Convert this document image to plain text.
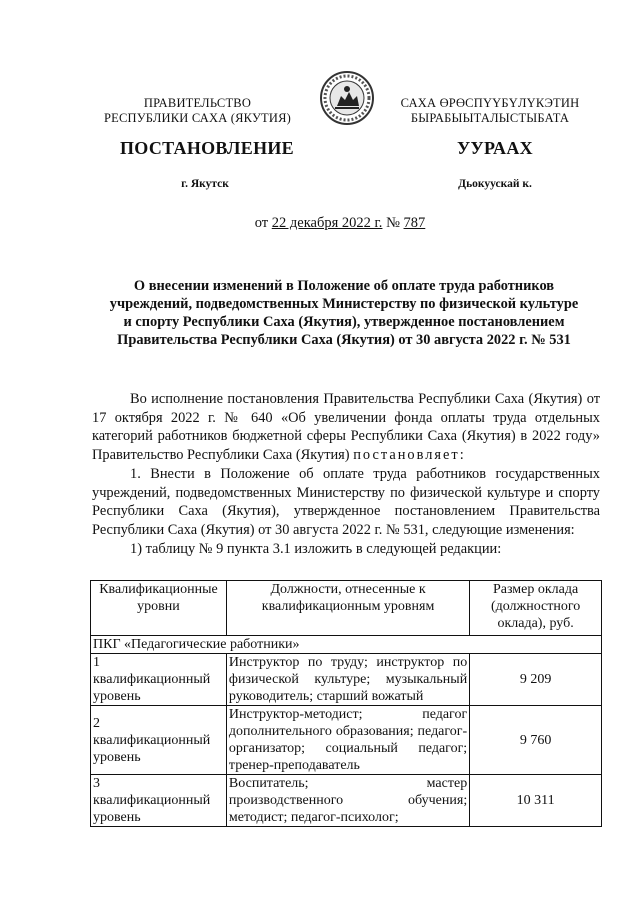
ПРАВИТЕЛЬСТВО
РЕСПУБЛИКИ САХА (ЯКУТИЯ)
САХА ӨРӨСПҮҮБҮЛҮКЭТИН
БЫРАБЫЫТАЛЫСТЫБАТА
ПОСТАНОВЛЕНИЕ	УУРААХ
г. Якутск	Дьокуускай к.
от 22 декабря 2022 г. № 787
О внесении изменений в Положение об оплате труда работников
учреждений, подведомственных Министерству по физической культуре
и спорту Республики Саха (Якутия), утвержденное постановлением
Правительства Республики Саха (Якутия) от 30 августа 2022 г. № 531

Во исполнение постановления Правительства Республики Саха (Якутия) от 17 октября 2022 г. № 640 «Об увеличении фонда оплаты труда отдельных категорий работников бюджетной сферы Республики Саха (Якутия) в 2022 году» Правительство Республики Саха (Якутия) постановляет:

1. Внести в Положение об оплате труда работников государственных учреждений, подведомственных Министерству по физической культуре и спорту Республики Саха (Якутия), утвержденное постановлением Правительства Республики Саха (Якутия) от 30 августа 2022 г. № 531, следующие изменения:

1) таблицу № 9 пункта 3.1 изложить в следующей редакции:

Квалификационные уровни	Должности, отнесенные к квалификационным уровням	Размер оклада (должностного оклада), руб.
ПКГ «Педагогические работники»		

1
квалификационный уровень	Инструктор по труду; инструктор по физической культуре; музыкальный руководитель; старший вожатый	9 209

2
квалификационный уровень	Инструктор-методист; педагог дополнительного образования; педагог-организатор; социальный педагог; тренер-преподаватель	9 760

3
квалификационный уровень	Воспитатель; мастер производственного обучения; методист; педагог-психолог;	10 311
